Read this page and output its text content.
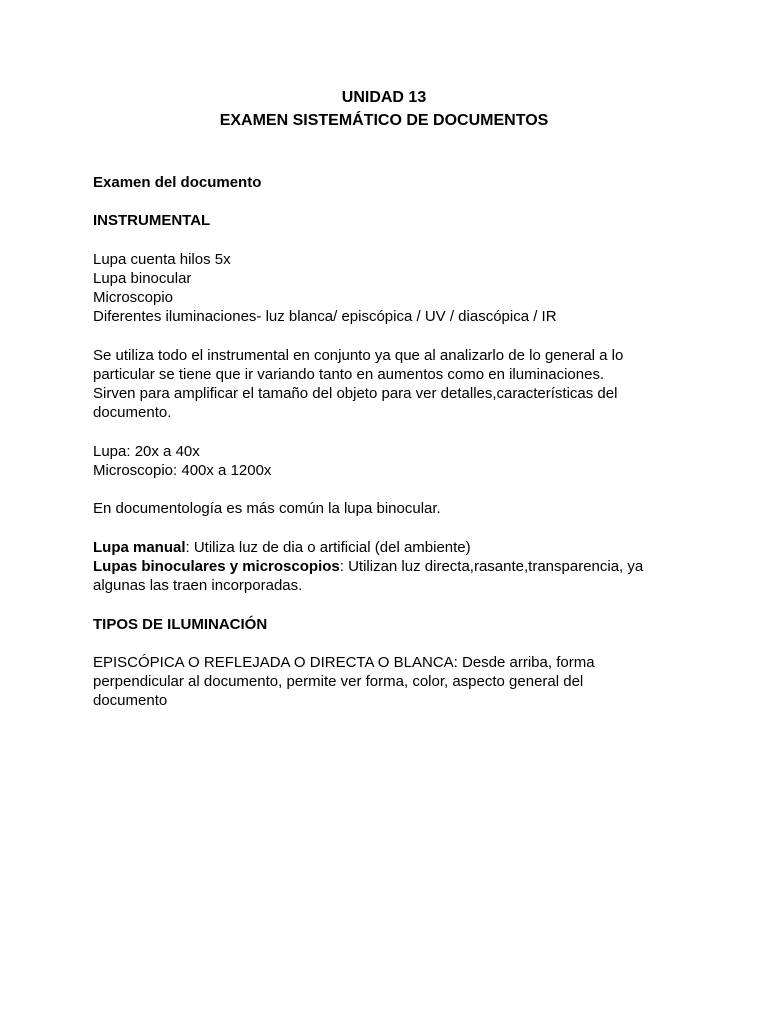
UNIDAD 13
EXAMEN SISTEMÁTICO DE DOCUMENTOS

Examen del documento

INSTRUMENTAL

Lupa cuenta hilos 5x
Lupa binocular
Microscopio
Diferentes iluminaciones- luz blanca/ episcópica / UV / diascópica / IR

Se utiliza todo el instrumental en conjunto ya que al analizarlo de lo general a lo
particular se tiene que ir variando tanto en aumentos como en iluminaciones.
Sirven para amplificar el tamaño del objeto para ver detalles,características del
documento.

Lupa: 20x a 40x
Microscopio: 400x a 1200x

En documentología es más común la lupa binocular.

Lupa manual: Utiliza luz de dia o artificial (del ambiente)
Lupas binoculares y microscopios: Utilizan luz directa,rasante,transparencia, ya
algunas las traen incorporadas.

TIPOS DE ILUMINACIÓN

EPISCÓPICA O REFLEJADA O DIRECTA O BLANCA: Desde arriba, forma
perpendicular al documento, permite ver forma, color, aspecto general del
documento
